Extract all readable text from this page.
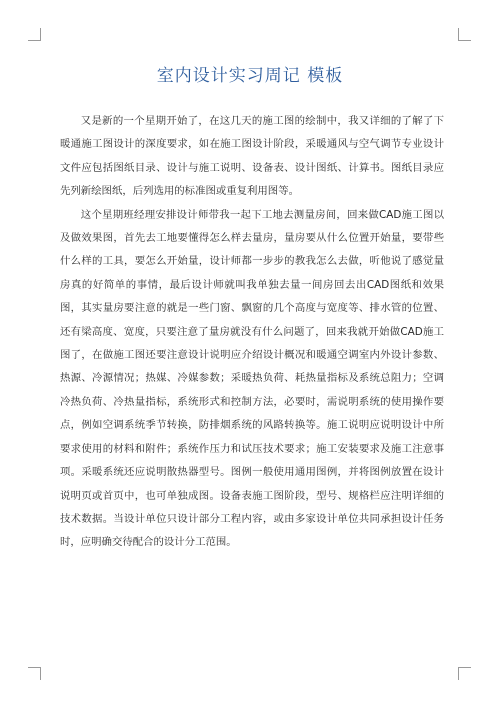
室内设计实习周记 模板

又是新的一个星期开始了，在这几天的施工图的绘制中，我又详细的了解了下暖通施工图设计的深度要求，如在施工图设计阶段，采暖通风与空气调节专业设计文件应包括图纸目录、设计与施工说明、设备表、设计图纸、计算书。图纸目录应先列新绘图纸，后列选用的标准图或重复利用图等。

这个星期班经理安排设计师带我一起下工地去测量房间，回来做CAD施工图以及做效果图，首先去工地要懂得怎么样去量房，量房要从什么位置开始量，要带些什么样的工具，要怎么开始量，设计师都一步步的教我怎么去做，听他说了感觉量房真的好简单的事情，最后设计师就叫我单独去量一间房回去出CAD图纸和效果图，其实量房要注意的就是一些门窗、飘窗的几个高度与宽度等、排水管的位置、还有梁高度、宽度，只要注意了量房就没有什么问题了，回来我就开始做CAD施工图了，在做施工图还要注意设计说明应介绍设计概况和暖通空调室内外设计参数、热源、冷源情况；热媒、冷媒参数；采暖热负荷、耗热量指标及系统总阻力；空调冷热负荷、冷热量指标，系统形式和控制方法，必要时，需说明系统的使用操作要点，例如空调系统季节转换，防排烟系统的风路转换等。施工说明应说明设计中所要求使用的材料和附件；系统作压力和试压技术要求；施工安装要求及施工注意事项。采暖系统还应说明散热器型号。图例一般使用通用图例，并将图例放置在设计说明页或首页中，也可单独成图。设备表施工图阶段，型号、规格栏应注明详细的技术数据。当设计单位只设计部分工程内容，或由多家设计单位共同承担设计任务时，应明确交待配合的设计分工范围。
